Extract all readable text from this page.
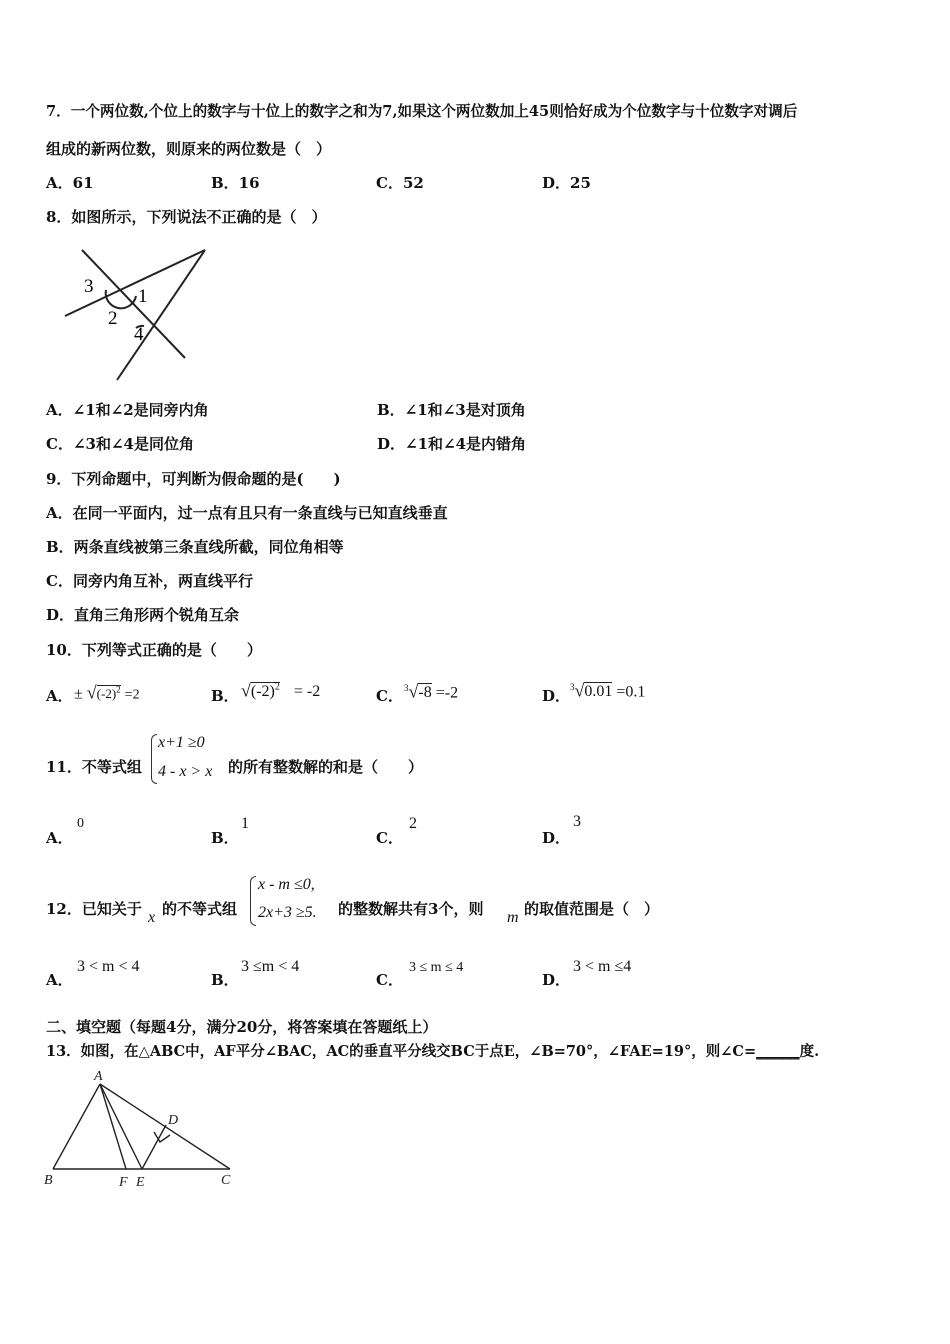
7．一个两位数,个位上的数字与十位上的数字之和为7,如果这个两位数加上45则恰好成为个位数字与十位数字对调后
组成的新两位数，则原来的两位数是（　）
A．61	B．16	C．52	D．25
8．如图所示，下列说法不正确的是（　）
3 1
2
4
A．∠1和∠2是同旁内角	B．∠1和∠3是对顶角
C．∠3和∠4是同位角	D．∠1和∠4是内错角
9．下列命题中，可判断为假命题的是(　　)
A．在同一平面内，过一点有且只有一条直线与已知直线垂直
B．两条直线被第三条直线所截，同位角相等
C．同旁内角互补，两直线平行
D．直角三角形两个锐角互余
10．下列等式正确的是（　　）
A． ± $√(-2)^2 =2$	B． $√(-2)^2 = -2$	C． $^3$√-8 =-2	D． $^3$√0.01 =0.1
11．不等式组
x+1 ≥0
4 - x > x 的所有整数解的和是（　　）
A．
0
B．
1
C．
2
D．
3
12．已知关于 x 的不等式组
x - m ≤0,
2x+3 ≥5. 的整数解共有3个，则 m 的取值范围是（　）
A．
3 < m < 4
B．
3 ≤m < 4
C．
3 ≤ m ≤ 4
D．
3 < m ≤4
二、填空题（每题4分，满分20分，将答案填在答题纸上）
13．如图，在△ABC中，AF平分∠BAC，AC的垂直平分线交BC于点E，∠B=70°，∠FAE=19°，则∠C=______度.
A
B	F E	C
D
